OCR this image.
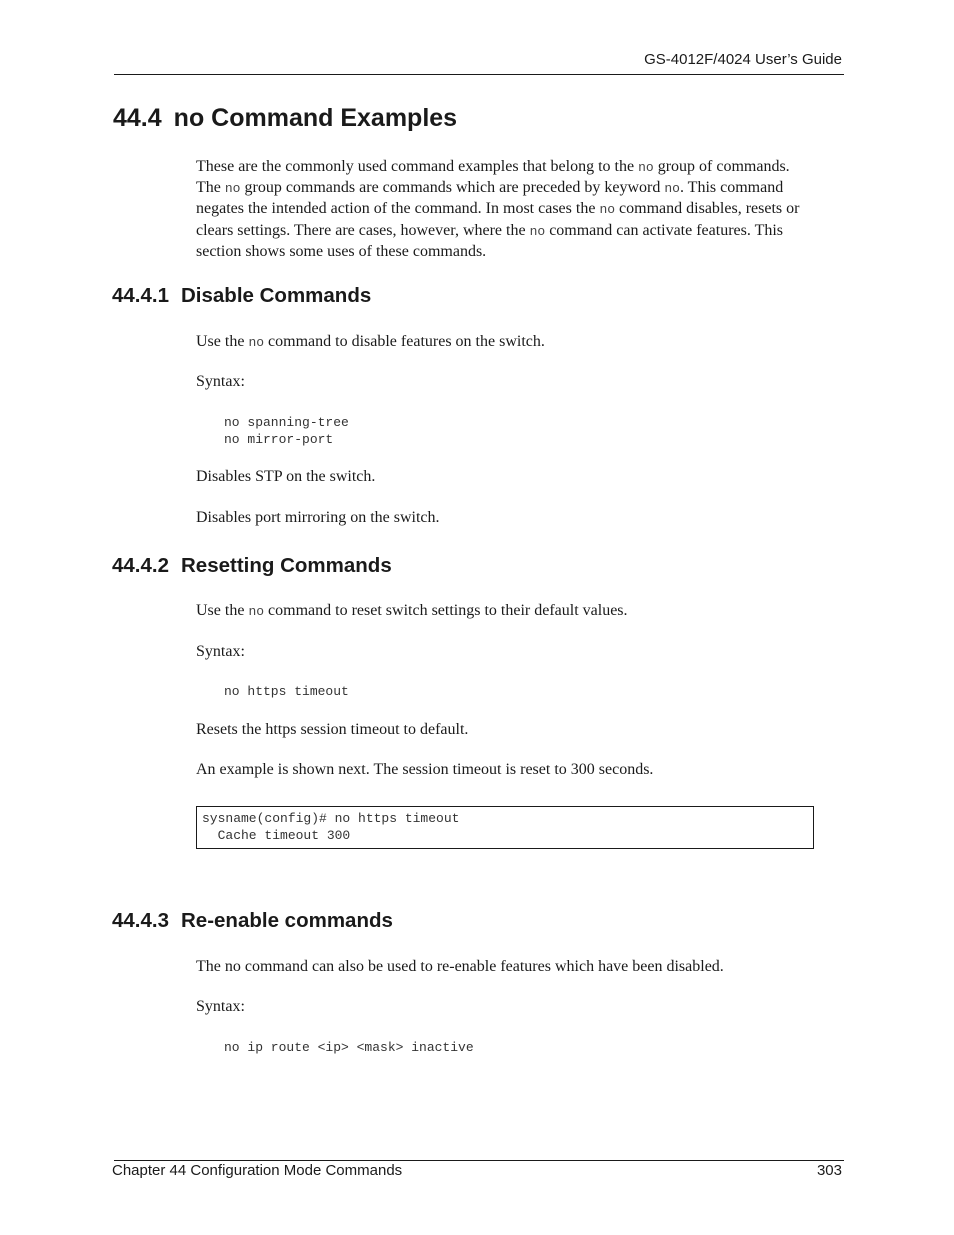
GS-4012F/4024 User’s Guide
44.4 no Command Examples

These are the commonly used command examples that belong to the no group of commands.
The no group commands are commands which are preceded by keyword no. This command
negates the intended action of the command. In most cases the no command disables, resets or
clears settings. There are cases, however, where the no command can activate features. This
section shows some uses of these commands.

44.4.1 Disable Commands

Use the no command to disable features on the switch.

Syntax:

no spanning-tree
no mirror-port

Disables STP on the switch.

Disables port mirroring on the switch.

44.4.2 Resetting Commands

Use the no command to reset switch settings to their default values.

Syntax:

no https timeout

Resets the https session timeout to default.

An example is shown next. The session timeout is reset to 300 seconds.

sysname(config)# no https timeout
Cache timeout 300
44.4.3 Re-enable commands

The no command can also be used to re-enable features which have been disabled.

Syntax:

no ip route <ip> <mask> inactive
Chapter 44 Configuration Mode Commands	303
